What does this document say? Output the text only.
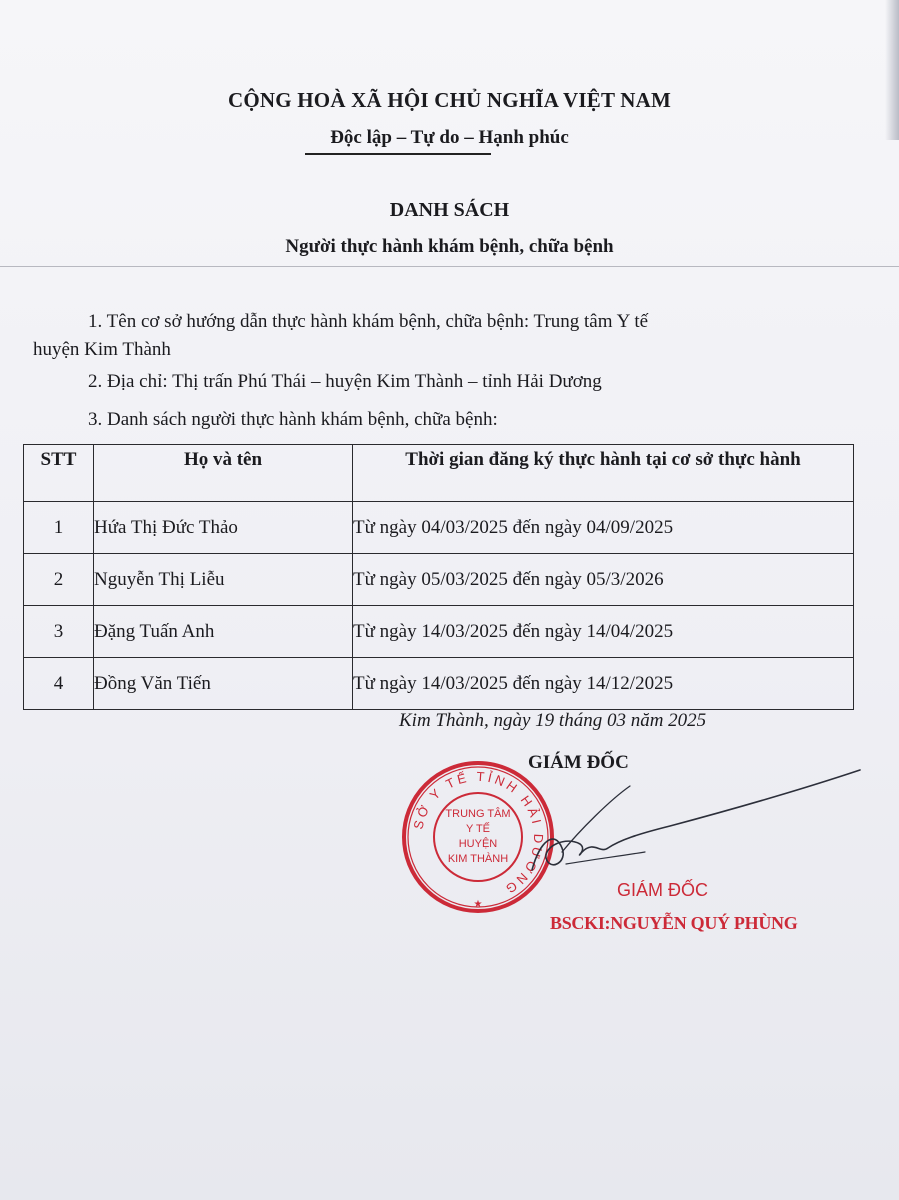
CỘNG HOÀ XÃ HỘI CHỦ NGHĨA VIỆT NAM
Độc lập – Tự do – Hạnh phúc
DANH SÁCH
Người thực hành khám bệnh, chữa bệnh
1. Tên cơ sở hướng dẫn thực hành khám bệnh, chữa bệnh: Trung tâm Y tế
huyện Kim Thành
2. Địa chỉ: Thị trấn Phú Thái – huyện Kim Thành – tỉnh Hải Dương
3. Danh sách người thực hành khám bệnh, chữa bệnh:
STT	Họ và tên	Thời gian đăng ký thực hành tại cơ sở thực hành
1	Hứa Thị Đức Thảo	Từ ngày 04/03/2025 đến ngày 04/09/2025
2	Nguyễn Thị Liễu	Từ ngày 05/03/2025 đến ngày 05/3/2026
3	Đặng Tuấn Anh	Từ ngày 14/03/2025 đến ngày 14/04/2025
4	Đồng Văn Tiến	Từ ngày 14/03/2025 đến ngày 14/12/2025
Kim Thành, ngày 19 tháng 03 năm 2025
GIÁM ĐỐC
SỞ Y TẾ TỈNH HẢI DƯƠNG
TRUNG TÂM
Y TẾ
HUYỆN
KIM THÀNH
★
GIÁM ĐỐC
BSCKI:NGUYỄN QUÝ PHÙNG
